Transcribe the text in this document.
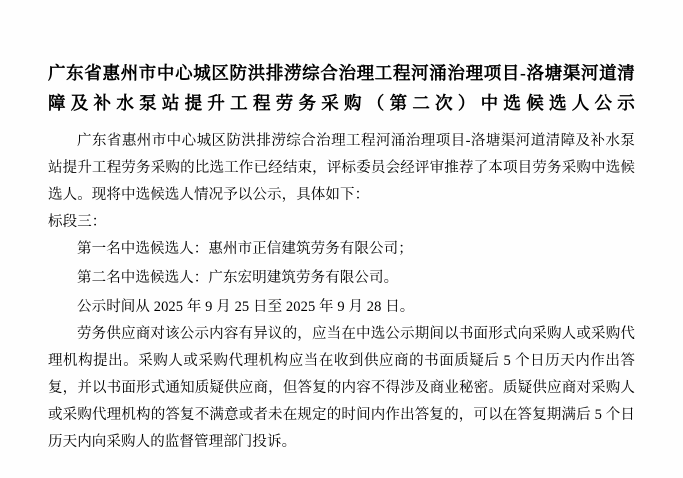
广东省惠州市中心城区防洪排涝综合治理工程河涌治理项目-洛塘渠河道清障及补水泵站提升工程劳务采购（第二次）中选候选人公示

广东省惠州市中心城区防洪排涝综合治理工程河涌治理项目-洛塘渠河道清障及补水泵站提升工程劳务采购的比选工作已经结束，评标委员会经评审推荐了本项目劳务采购中选候选人。现将中选候选人情况予以公示，具体如下：

标段三：

第一名中选候选人：惠州市正信建筑劳务有限公司；

第二名中选候选人：广东宏明建筑劳务有限公司。

公示时间从 2025 年 9 月 25 日至 2025 年 9 月 28 日。

劳务供应商对该公示内容有异议的，应当在中选公示期间以书面形式向采购人或采购代理机构提出。采购人或采购代理机构应当在收到供应商的书面质疑后 5 个日历天内作出答复，并以书面形式通知质疑供应商，但答复的内容不得涉及商业秘密。质疑供应商对采购人或采购代理机构的答复不满意或者未在规定的时间内作出答复的，可以在答复期满后 5 个日历天内向采购人的监督管理部门投诉。
